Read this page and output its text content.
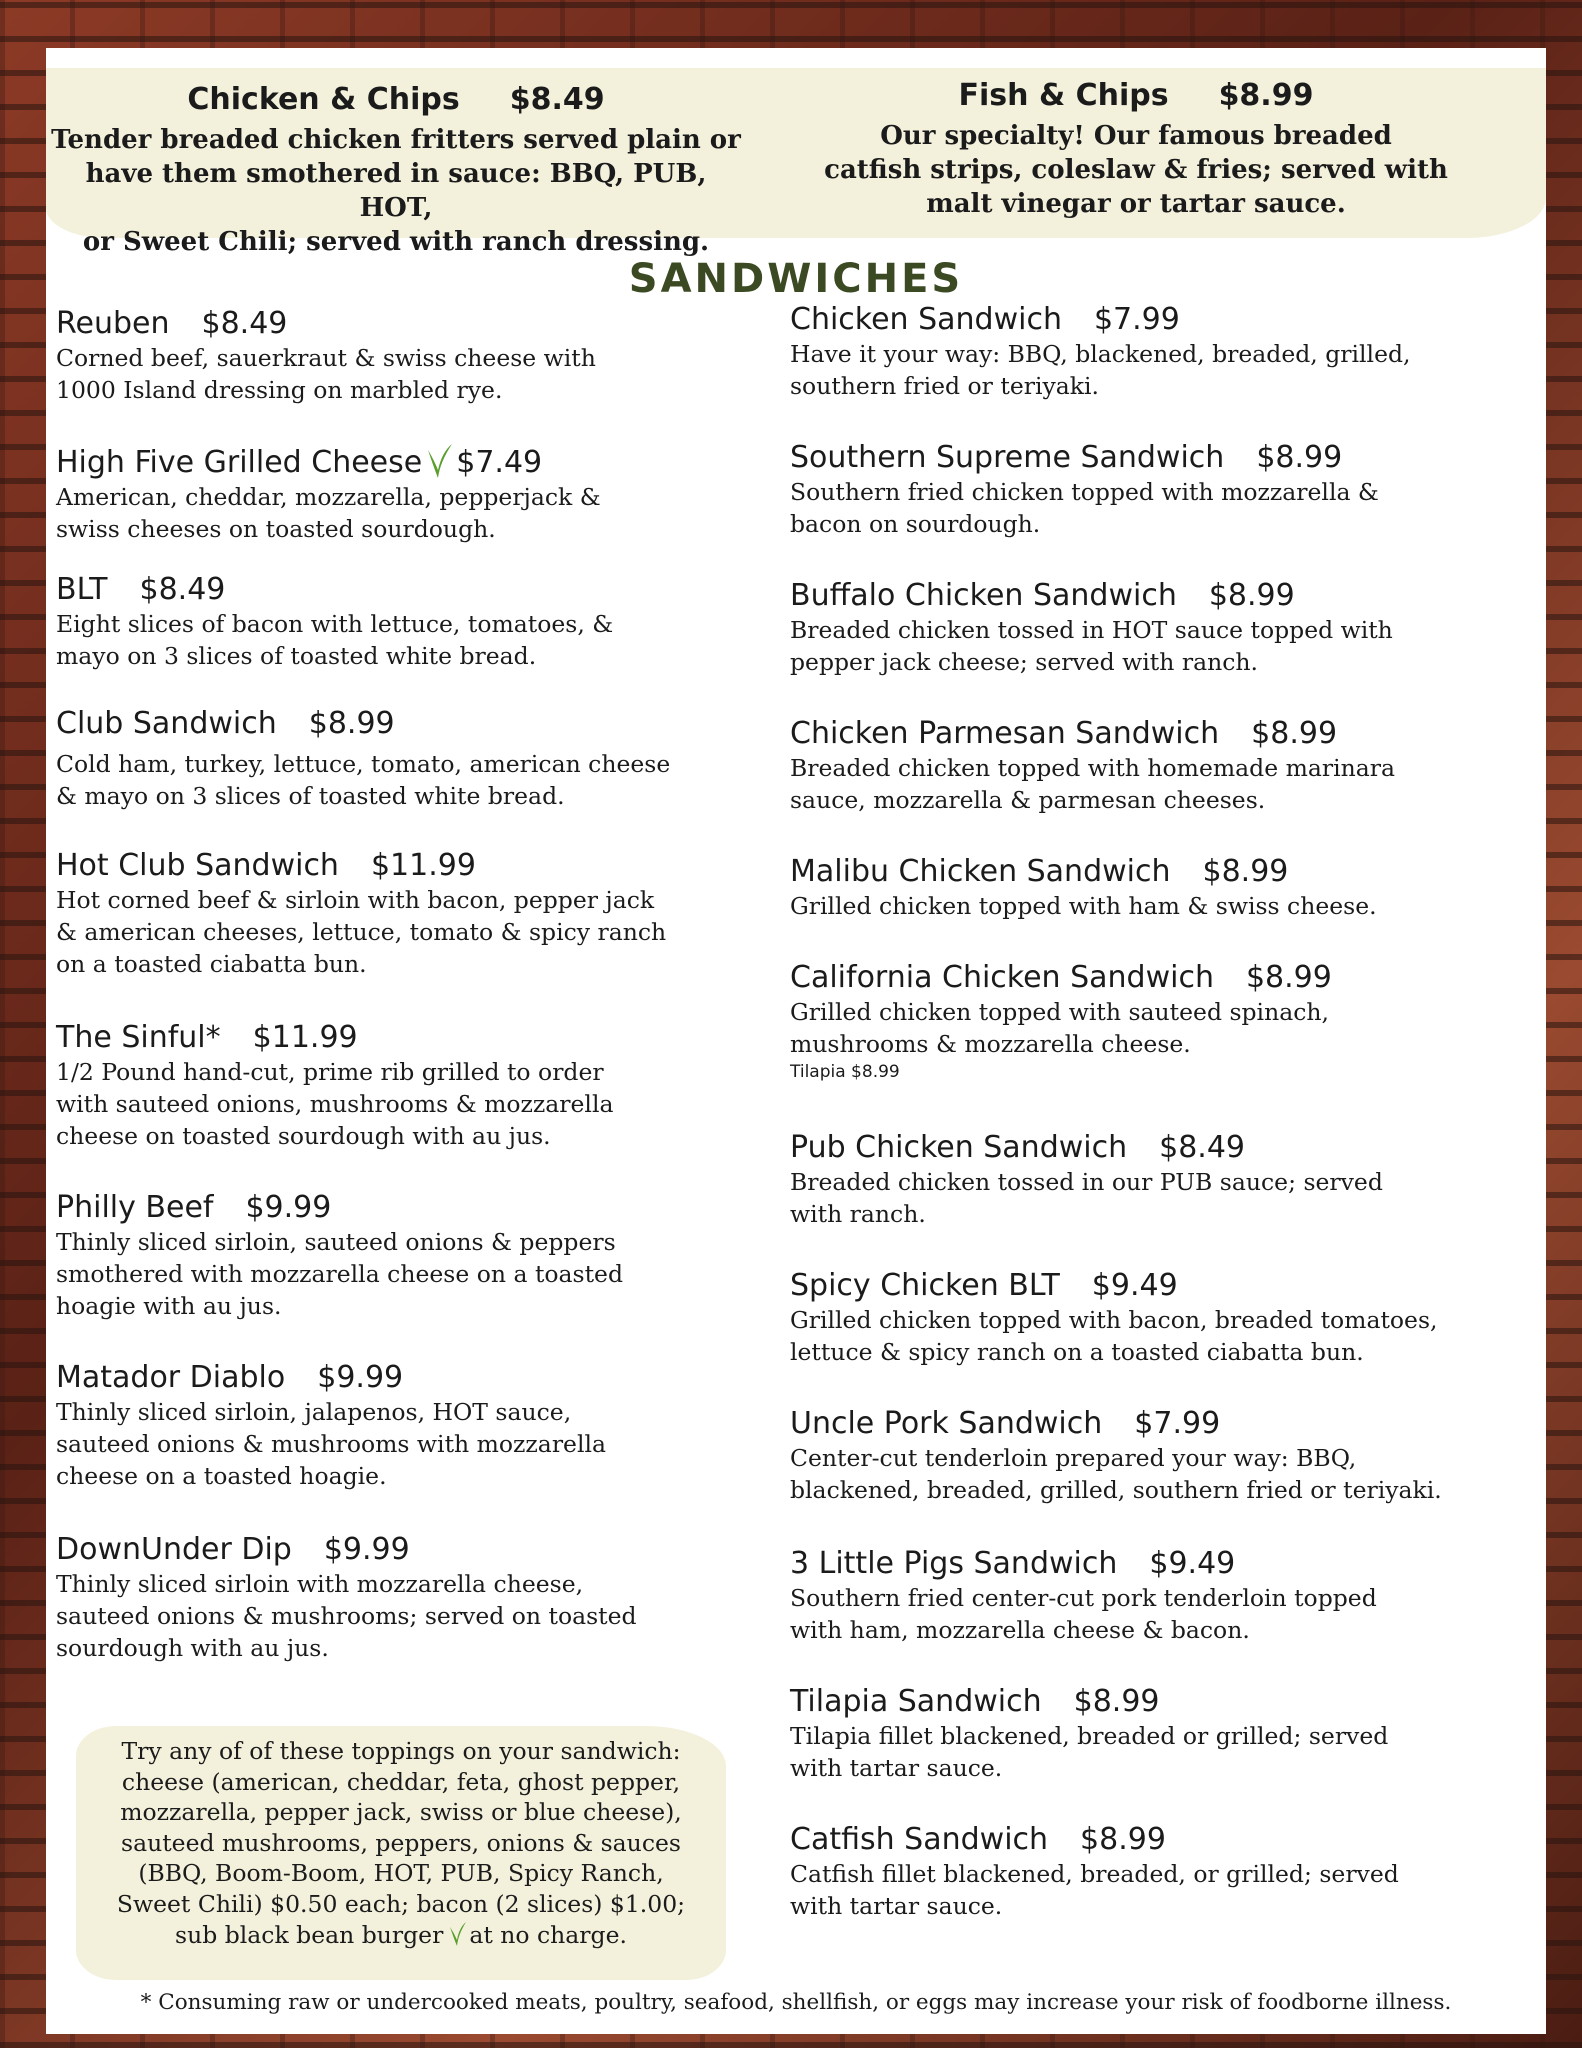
Chicken & Chips $8.49
Tender breaded chicken fritters served plain or
have them smothered in sauce: BBQ, PUB, HOT,
or Sweet Chili; served with ranch dressing.
Fish & Chips $8.99
Our specialty! Our famous breaded
catfish strips, coleslaw & fries; served with
malt vinegar or tartar sauce.
SANDWICHES
Reuben $8.49
Corned beef, sauerkraut & swiss cheese with
1000 Island dressing on marbled rye.
High Five Grilled Cheese $7.49
American, cheddar, mozzarella, pepperjack &
swiss cheeses on toasted sourdough.
BLT $8.49
Eight slices of bacon with lettuce, tomatoes, &
mayo on 3 slices of toasted white bread.
Club Sandwich $8.99
Cold ham, turkey, lettuce, tomato, american cheese
& mayo on 3 slices of toasted white bread.
Hot Club Sandwich $11.99
Hot corned beef & sirloin with bacon, pepper jack
& american cheeses, lettuce, tomato & spicy ranch
on a toasted ciabatta bun.
The Sinful* $11.99
1/2 Pound hand-cut, prime rib grilled to order
with sauteed onions, mushrooms & mozzarella
cheese on toasted sourdough with au jus.
Philly Beef $9.99
Thinly sliced sirloin, sauteed onions & peppers
smothered with mozzarella cheese on a toasted
hoagie with au jus.
Matador Diablo $9.99
Thinly sliced sirloin, jalapenos, HOT sauce,
sauteed onions & mushrooms with mozzarella
cheese on a toasted hoagie.
DownUnder Dip $9.99
Thinly sliced sirloin with mozzarella cheese,
sauteed onions & mushrooms; served on toasted
sourdough with au jus.
Chicken Sandwich $7.99
Have it your way: BBQ, blackened, breaded, grilled,
southern fried or teriyaki.
Southern Supreme Sandwich $8.99
Southern fried chicken topped with mozzarella &
bacon on sourdough.
Buffalo Chicken Sandwich $8.99
Breaded chicken tossed in HOT sauce topped with
pepper jack cheese; served with ranch.
Chicken Parmesan Sandwich $8.99
Breaded chicken topped with homemade marinara
sauce, mozzarella & parmesan cheeses.
Malibu Chicken Sandwich $8.99
Grilled chicken topped with ham & swiss cheese.
California Chicken Sandwich $8.99
Grilled chicken topped with sauteed spinach,
mushrooms & mozzarella cheese.
Tilapia $8.99
Pub Chicken Sandwich $8.49
Breaded chicken tossed in our PUB sauce; served
with ranch.
Spicy Chicken BLT $9.49
Grilled chicken topped with bacon, breaded tomatoes,
lettuce & spicy ranch on a toasted ciabatta bun.
Uncle Pork Sandwich $7.99
Center-cut tenderloin prepared your way: BBQ,
blackened, breaded, grilled, southern fried or teriyaki.
3 Little Pigs Sandwich $9.49
Southern fried center-cut pork tenderloin topped
with ham, mozzarella cheese & bacon.
Tilapia Sandwich $8.99
Tilapia fillet blackened, breaded or grilled; served
with tartar sauce.
Catfish Sandwich $8.99
Catfish fillet blackened, breaded, or grilled; served
with tartar sauce.
Try any of of these toppings on your sandwich:
cheese (american, cheddar, feta, ghost pepper,
mozzarella, pepper jack, swiss or blue cheese),
sauteed mushrooms, peppers, onions & sauces
(BBQ, Boom-Boom, HOT, PUB, Spicy Ranch,
Sweet Chili) $0.50 each; bacon (2 slices) $1.00;
sub black bean burger at no charge.
* Consuming raw or undercooked meats, poultry, seafood, shellfish, or eggs may increase your risk of foodborne illness.
